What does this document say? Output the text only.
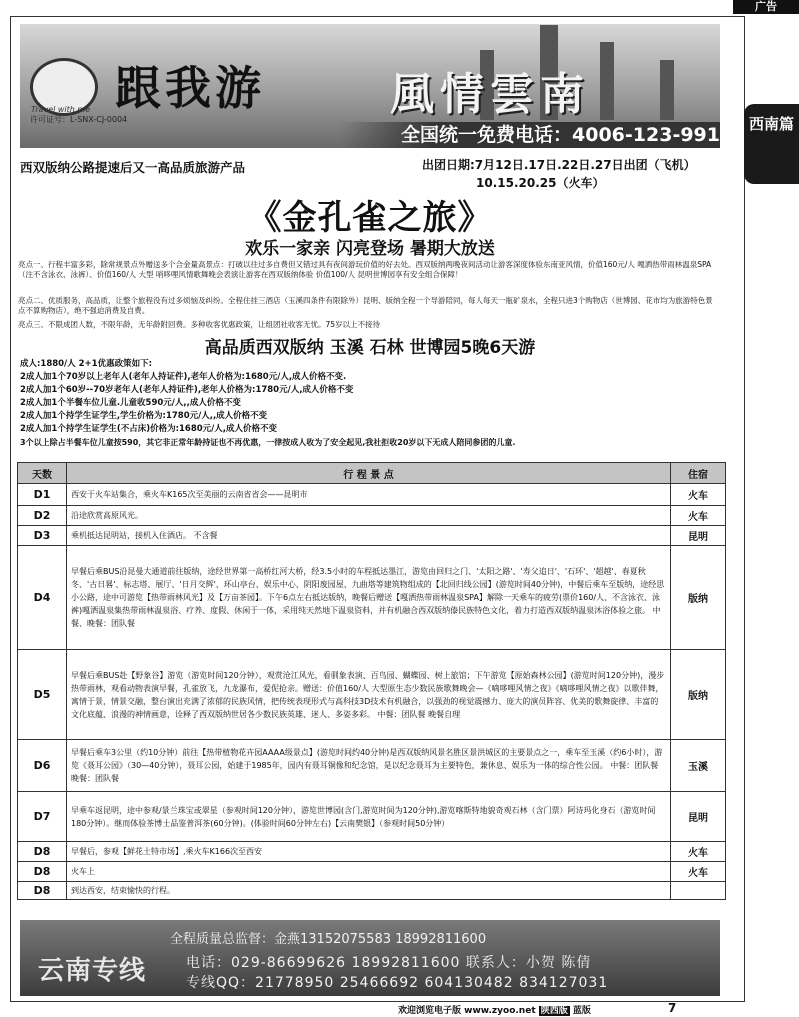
广告
Travel with me 跟我游	風情雲南
许可证号：L-SNX-CJ-0004
全国统一免费电话：4006-123-991	西南篇
西双版纳公路提速后又一高品质旅游产品	出团日期:7月12日.17日.22日.27日出团（飞机）
10.15.20.25（火车）
《金孔雀之旅》
欢乐一家亲 闪亮登场 暑期大放送
亮点一、行程丰富多彩，除常规景点外赠送多个合金量高景点：打破以往过多自费但又错过具有夜间游玩价值的好去处。西双版纳两晚夜间活动让游客深度体验东南亚风情，价值160元/人 嘎洒热带雨林温泉SPA（注不含泳衣、泳裤）、价值160/人 大型 哨哆哩风情歌舞晚会表演让游客在西双版纳体验 价值100/人 昆明世博园享有安全组合保障！
亮点二、优质服务，高品质，让整个旅程没有过多烦恼及纠纷。全程住挂三酒店（玉溪四条件有限除外）昆明、版纳全程一个导游陪同，每人每天一瓶矿泉水，全程只进3个购物店（世博园、花市均为旅游特色景点不算购物店），绝不强迫消费及自费。
亮点三、不限成团人数，不限年龄，无年龄附回费。多种收客优惠政策，让组团社收客无忧。75岁以上不接待
高品质西双版纳 玉溪 石林 世博园5晚6天游
成人:1880/人 2+1优惠政策如下:
2成人加1个70岁以上老年人(老年人持证件),老年人价格为:1680元/人,成人价格不变.
2成人加1个60岁--70岁老年人(老年人持证件),老年人价格为:1780元/人,成人价格不变
2成人加1个半餐车位儿童.儿童收590元/人,,成人价格不变
2成人加1个持学生证学生,学生价格为:1780元/人,,成人价格不变
2成人加1个持学生证学生(不占床)价格为:1680元/人,成人价格不变
3个以上除占半餐车位儿童按590，其它非正常年龄持证也不再优惠，一律按成人收为了安全起见,我社拒收20岁以下无成人陪同参团的儿童.
天数	行 程 景 点	住宿
D1	西安于火车站集合，乘火车K165次至美丽的云南省省会——昆明市	火车
D2	沿途欣赏高原风光。	火车
D3	乘机抵达昆明站，接机入住酒店。 不含餐	昆明
D4	早餐后乘BUS沿昆曼大通道前往版纳，途经世界第一高桥红河大桥，经3.5小时的车程抵达墨江，游览由回归之门、'太阳之路'、'寿父追日'、'石环'、'超越'、春夏秋冬、'古日晷'、标志塔、展厅、'日月交辉'、环山亭台、娱乐中心、阴阳废园屋、九曲塔等建筑物组成的【北回归线公园】(游览时间40分钟)，中餐后乘车至版纳，途经思小公路，途中可游览【热带雨林风光】及【万亩茶园】。下午6点左右抵达版纳，晚餐后赠送【嘎洒热带雨林温泉SPA】解除一天乘车的疲劳(票价160/人、不含泳衣、泳裤)嘎洒温泉集热带雨林温泉浴、疗养、度假、休闲于一体，采用纯天然地下温泉资料，并有机融合西双版纳傣民族特色文化，着力打造西双版纳温泉沐浴体验之旅。 中餐、晚餐：团队餐	版纳
D5	早餐后乘BUS赴【野象谷】游览（游览时间120分钟），观赏沧江风光，看驯象表演、百鸟园、蝴蝶园、树上旅馆；下午游览【原始森林公园】(游览时间120分钟)，漫步热带雨林，观看动物表演早餐，孔雀放飞，九龙瀑布，爱伲抢亲。赠送：价值160/人 大型原生态少数民族歌舞晚会—《嘀哆哩风情之夜》《嘀哆哩风情之夜》以歌伴舞，寓情于景，情景交融，整台演出充满了浓郁的民族风情，把传统表现形式与高科技3D技术有机融合，以强劲的视觉震撼力、庞大的演员阵容、优美的歌舞旋律、丰富的文化底蕴、浪漫的神情画意，诠释了西双版纳世居各少数民族英雄、迷人、多姿多彩。 中餐：团队餐 晚餐自理	版纳
D6	早餐后乘车3公里（约10分钟）前往【热带植物花卉园AAAA级景点】(游览时间约40分钟)是西双版纳风景名胜区景洪城区的主要景点之一，乘车至玉溪（约6小时），游览《聂耳公园》（30—40分钟），聂耳公园，始建于1985年，园内有聂耳铜像和纪念馆，是以纪念聂耳为主要特色，兼休息、娱乐为一体的综合性公园。 中餐：团队餐 晚餐：团队餐	玉溪
D7	早乘车返昆明，途中参观/景兰珠宝或翠星（参观时间120分钟），游览世博园(含门,游览时间为120分钟),游览喀斯特地貌奇观石林（含门票）阿诗玛化身石（游览时间180分钟）。继而体验茶博士品鉴普洱茶(60分钟)。(体验时间60分钟左右)【云南樊银】（参观时间50分钟）	昆明
D8	早餐后，参观【鲜花土特市场】,乘火车K166次至西安	火车
D8	火车上	火车
D8	到达西安，结束愉快的行程。	
全程质量总监督：金燕13152075583 18992811600
云南专线	电话：029-86699626 18992811600 联系人：小贺 陈倩
专线QQ：21778950 25466692 604130482 834127031
欢迎浏览电子版 www.zyoo.net 陕西版 蓝版	7
